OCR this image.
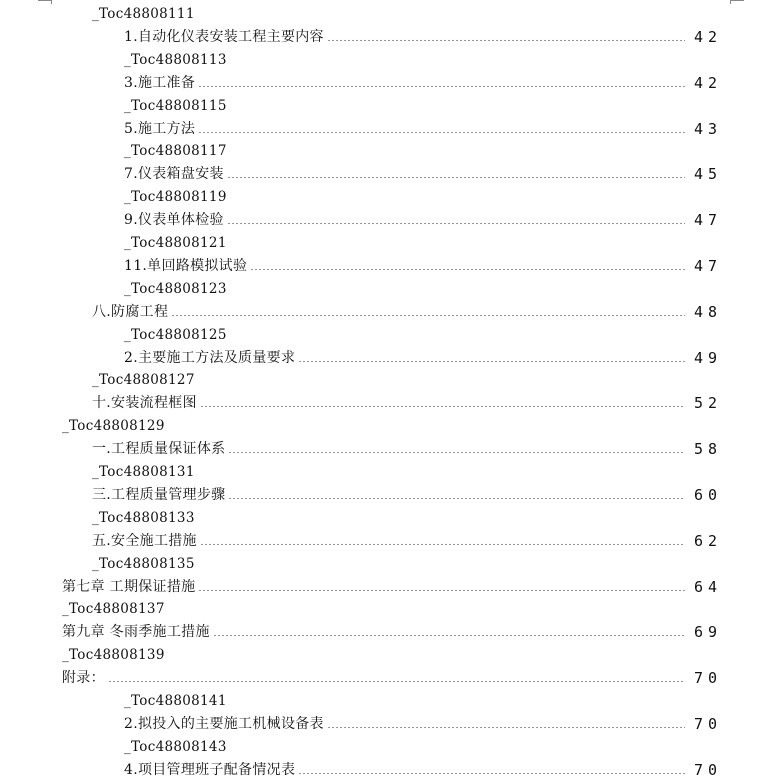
_Toc48808111
1.自动化仪表安装工程主要内容	42
_Toc48808113
3.施工准备	42
_Toc48808115
5.施工方法	43
_Toc48808117
7.仪表箱盘安装	45
_Toc48808119
9.仪表单体检验	47
_Toc48808121
11.单回路模拟试验	47
_Toc48808123
八.防腐工程	48
_Toc48808125
2.主要施工方法及质量要求	49
_Toc48808127
十.安装流程框图	52
_Toc48808129
一.工程质量保证体系	58
_Toc48808131
三.工程质量管理步骤	60
_Toc48808133
五.安全施工措施	62
_Toc48808135
第七章 工期保证措施	64
_Toc48808137
第九章 冬雨季施工措施	69
_Toc48808139
附录：	70
_Toc48808141
2.拟投入的主要施工机械设备表	70
_Toc48808143
4.项目管理班子配备情况表	70
